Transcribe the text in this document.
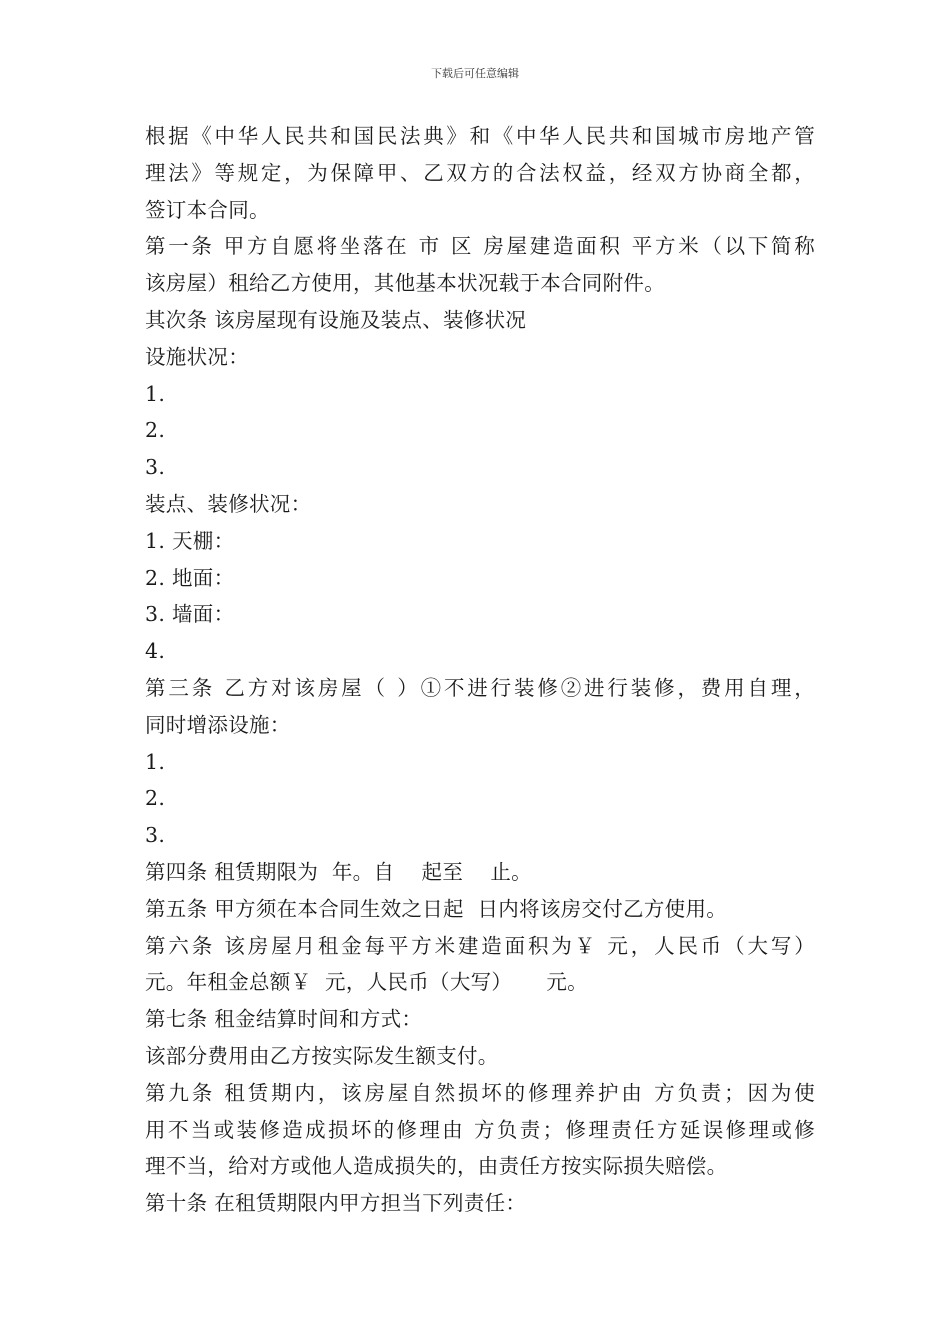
下载后可任意编辑
根据《中华人民共和国民法典》和《中华人民共和国城市房地产管
理法》等规定，为保障甲、乙双方的合法权益，经双方协商全都，
签订本合同。
第一条 甲方自愿将坐落在 市 区 房屋建造面积 平方米（以下简称
该房屋）租给乙方使用，其他基本状况载于本合同附件。
其次条 该房屋现有设施及装点、装修状况
设施状况：
1.
2.
3.
装点、装修状况：
1. 天棚：
2. 地面：
3. 墙面：
4.
第三条 乙方对该房屋（ ）①不进行装修②进行装修，费用自理，
同时增添设施：
1.
2.
3.
第四条 租赁期限为  年。自    起至    止。
第五条 甲方须在本合同生效之日起  日内将该房交付乙方使用。
第六条 该房屋月租金每平方米建造面积为￥ 元，人民币（大写）
元。年租金总额￥  元，人民币（大写）     元。
第七条 租金结算时间和方式：
该部分费用由乙方按实际发生额支付。
第九条 租赁期内，该房屋自然损坏的修理养护由 方负责；因为使
用不当或装修造成损坏的修理由 方负责；修理责任方延误修理或修
理不当，给对方或他人造成损失的，由责任方按实际损失赔偿。
第十条 在租赁期限内甲方担当下列责任：
